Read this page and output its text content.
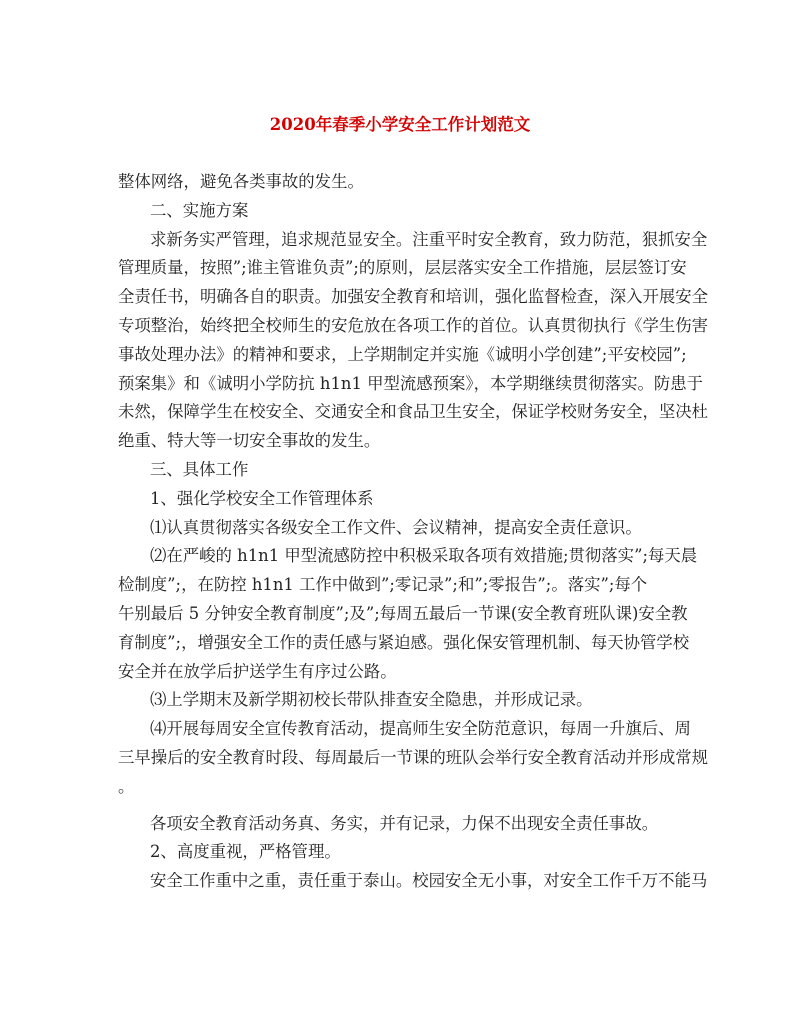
2020年春季小学安全工作计划范文
整体网络，避免各类事故的发生。
二、实施方案
求新务实严管理，追求规范显安全。注重平时安全教育，致力防范，狠抓安全
管理质量，按照”;谁主管谁负责”;的原则，层层落实安全工作措施，层层签订安
全责任书，明确各自的职责。加强安全教育和培训，强化监督检查，深入开展安全
专项整治，始终把全校师生的安危放在各项工作的首位。认真贯彻执行《学生伤害
事故处理办法》的精神和要求，上学期制定并实施《诚明小学创建”;平安校园”;
预案集》和《诚明小学防抗 h1n1 甲型流感预案》，本学期继续贯彻落实。防患于
未然，保障学生在校安全、交通安全和食品卫生安全，保证学校财务安全，坚决杜
绝重、特大等一切安全事故的发生。
三、具体工作
1、强化学校安全工作管理体系
⑴认真贯彻落实各级安全工作文件、会议精神，提高安全责任意识。
⑵在严峻的 h1n1 甲型流感防控中积极采取各项有效措施;贯彻落实”;每天晨
检制度”;，在防控 h1n1 工作中做到”;零记录”;和”;零报告”;。落实”;每个
午别最后 5 分钟安全教育制度”;及”;每周五最后一节课(安全教育班队课)安全教
育制度”;，增强安全工作的责任感与紧迫感。强化保安管理机制、每天协管学校
安全并在放学后护送学生有序过公路。
⑶上学期末及新学期初校长带队排查安全隐患，并形成记录。
⑷开展每周安全宣传教育活动，提高师生安全防范意识，每周一升旗后、周
三早操后的安全教育时段、每周最后一节课的班队会举行安全教育活动并形成常规
。
各项安全教育活动务真、务实，并有记录，力保不出现安全责任事故。
2、高度重视，严格管理。
安全工作重中之重，责任重于泰山。校园安全无小事，对安全工作千万不能马
